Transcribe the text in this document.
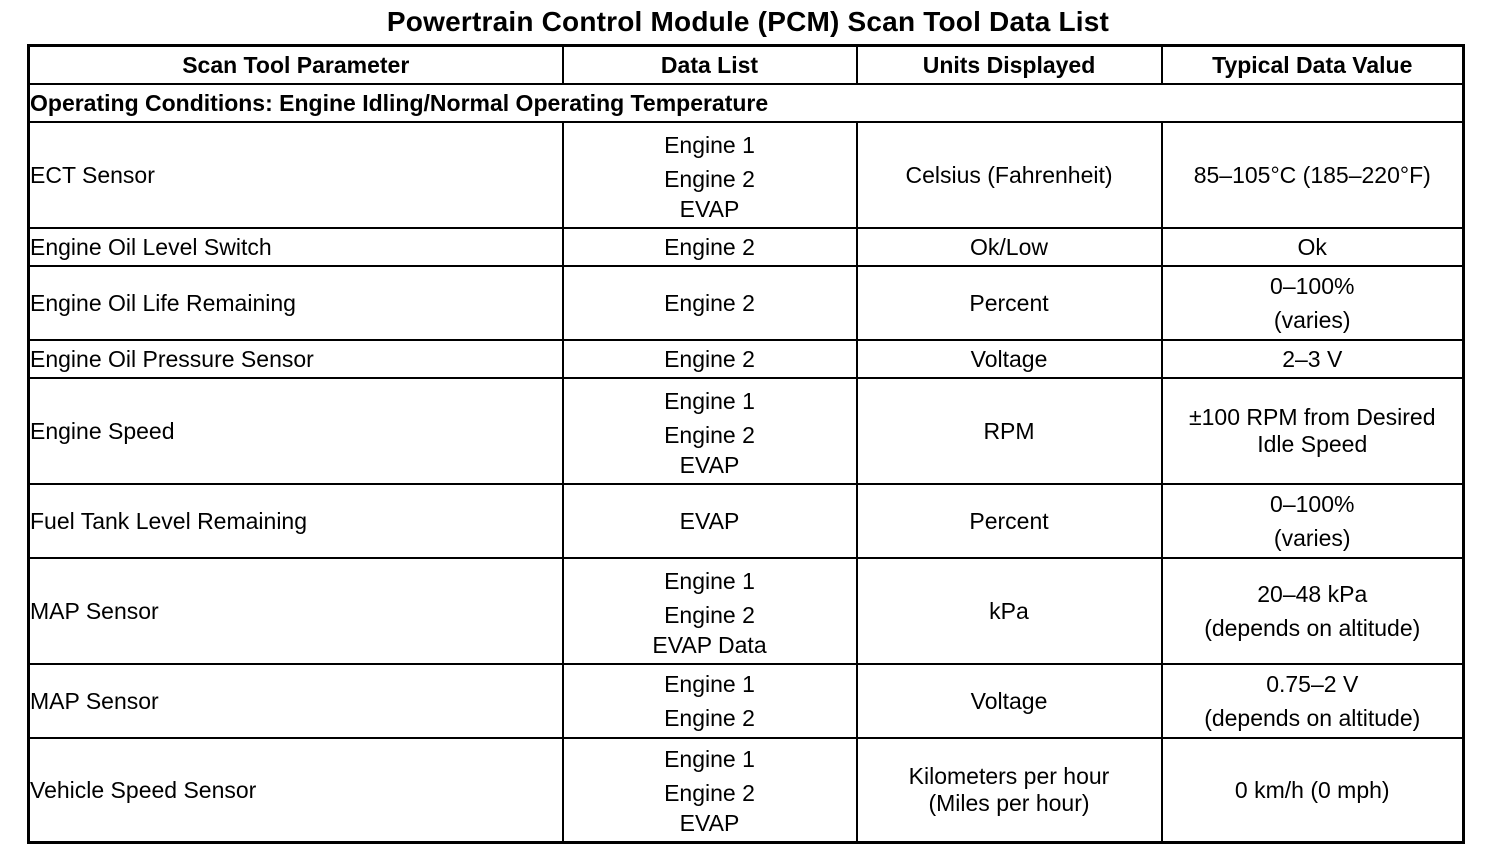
Powertrain Control Module (PCM) Scan Tool Data List
Scan Tool Parameter	Data List	Units Displayed	Typical Data Value
Operating Conditions: Engine Idling/Normal Operating Temperature			
ECT Sensor	Engine 1
Engine 2
EVAP	Celsius (Fahrenheit)	85–105°C (185–220°F)

Engine Oil Level Switch	Engine 2	Ok/Low	Ok

Engine Oil Life Remaining	Engine 2	Percent	0–100%
(varies)

Engine Oil Pressure Sensor	Engine 2	Voltage	2–3 V

Engine Speed	Engine 1
Engine 2
EVAP	RPM	±100 RPM from Desired
Idle Speed

Fuel Tank Level Remaining	EVAP	Percent	0–100%
(varies)

MAP Sensor	Engine 1
Engine 2
EVAP Data	kPa	20–48 kPa
(depends on altitude)

MAP Sensor	Engine 1
Engine 2	Voltage	0.75–2 V
(depends on altitude)

Vehicle Speed Sensor	Engine 1
Engine 2
EVAP	Kilometers per hour
(Miles per hour)	0 km/h (0 mph)
